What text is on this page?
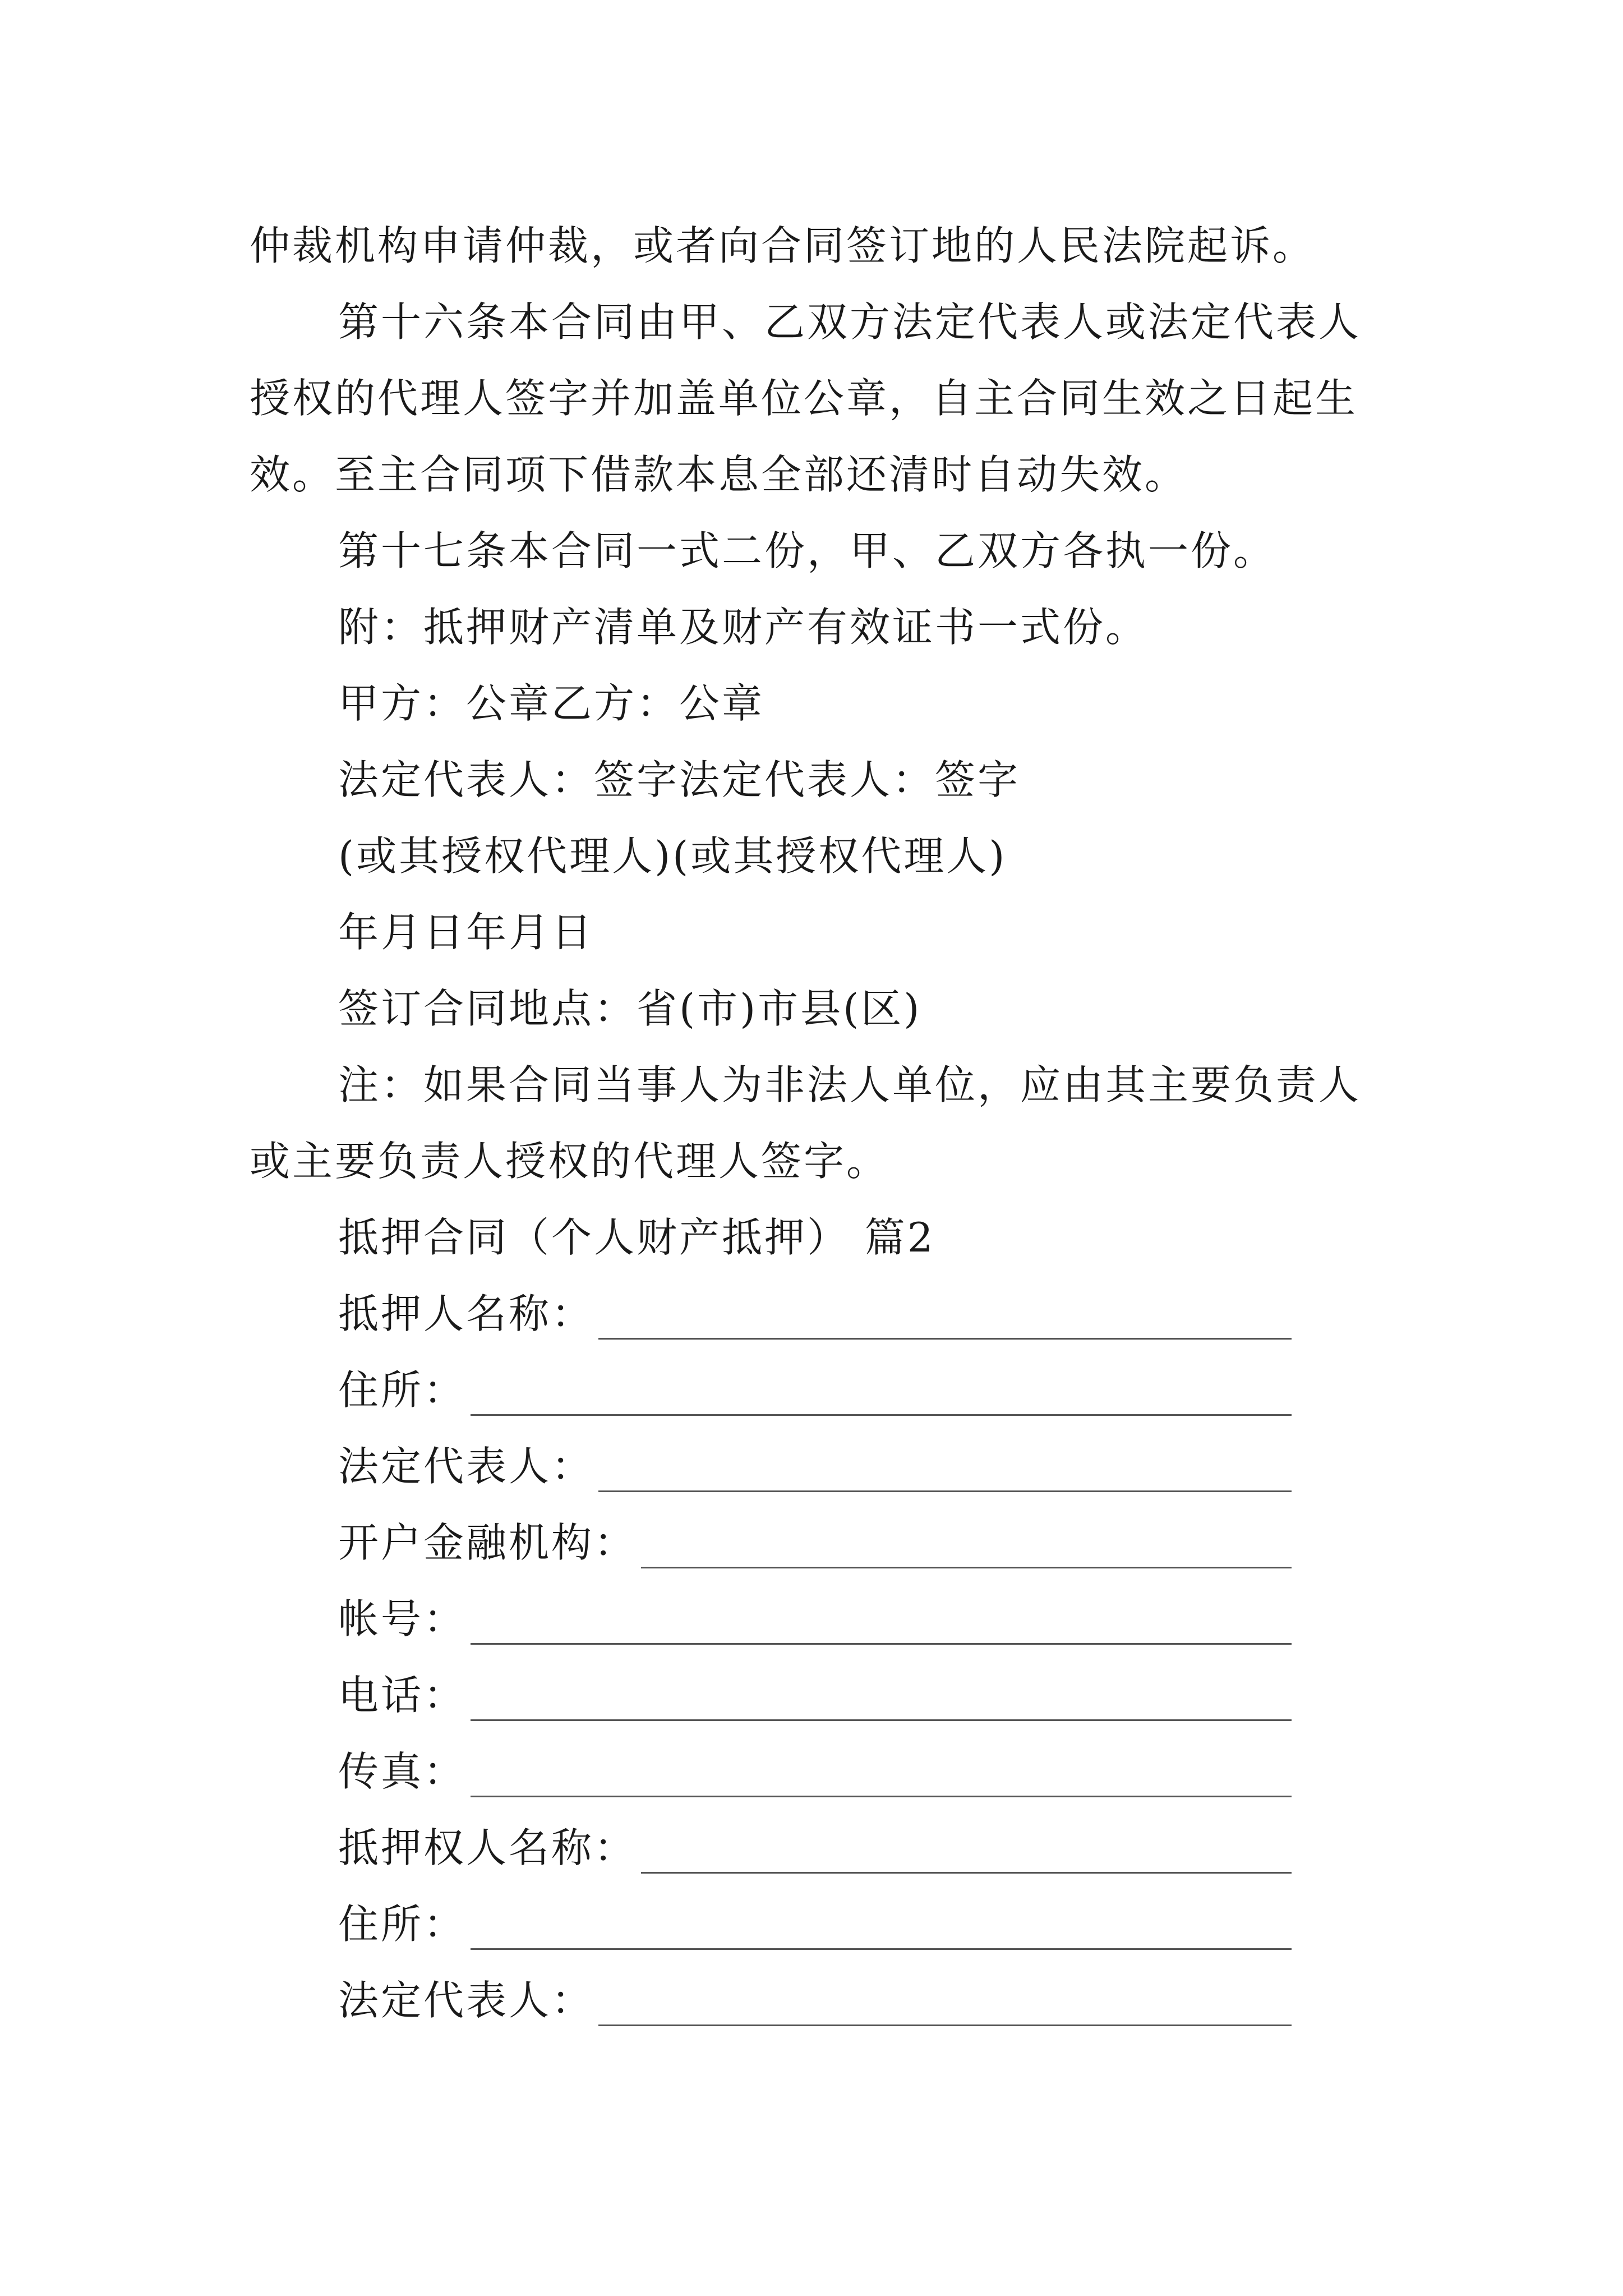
仲裁机构申请仲裁，或者向合同签订地的人民法院起诉。

第十六条本合同由甲、乙双方法定代表人或法定代表人授权的代理人签字并加盖单位公章，自主合同生效之日起生效。至主合同项下借款本息全部还清时自动失效。

第十七条本合同一式二份，甲、乙双方各执一份。

附：抵押财产清单及财产有效证书一式份。

甲方：公章乙方：公章

法定代表人：签字法定代表人：签字

(或其授权代理人)(或其授权代理人)

年月日年月日

签订合同地点：省(市)市县(区)

注：如果合同当事人为非法人单位，应由其主要负责人或主要负责人授权的代理人签字。

抵押合同（个人财产抵押） 篇2

抵押人名称：
住所：
法定代表人：
开户金融机构：
帐号：
电话：
传真：
抵押权人名称：
住所：
法定代表人：
